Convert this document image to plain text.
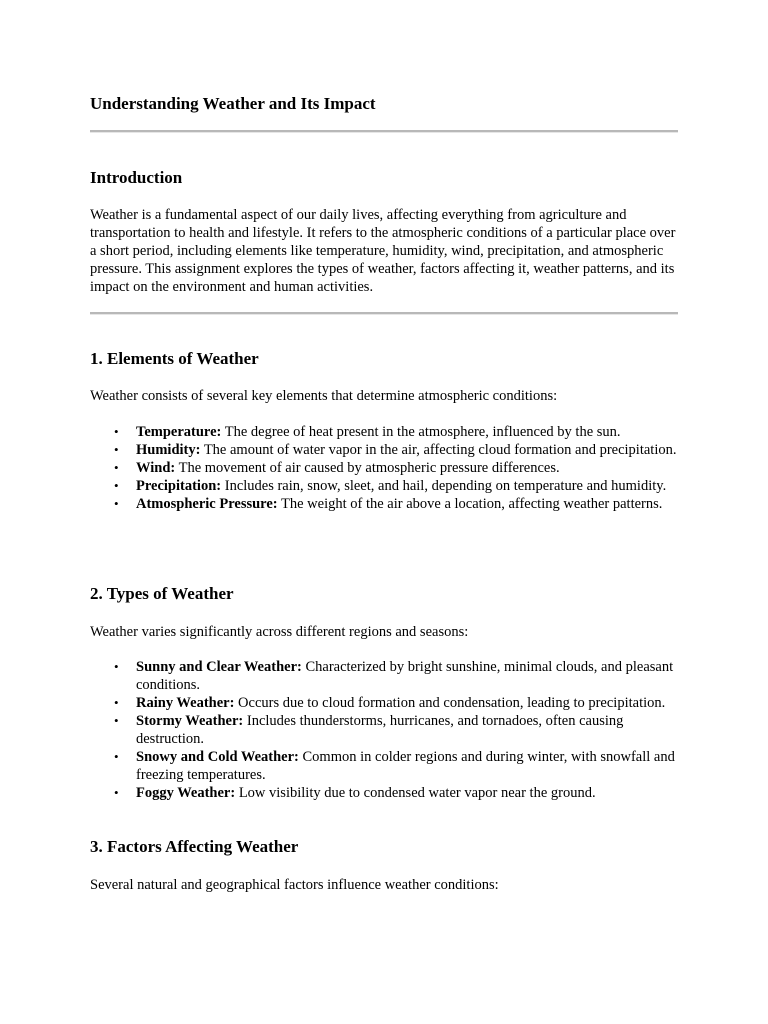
Understanding Weather and Its Impact
Introduction

Weather is a fundamental aspect of our daily lives, affecting everything from agriculture and transportation to health and lifestyle. It refers to the atmospheric conditions of a particular place over a short period, including elements like temperature, humidity, wind, precipitation, and atmospheric pressure. This assignment explores the types of weather, factors affecting it, weather patterns, and its impact on the environment and human activities.

1. Elements of Weather

Weather consists of several key elements that determine atmospheric conditions:

• Temperature: The degree of heat present in the atmosphere, influenced by the sun.
• Humidity: The amount of water vapor in the air, affecting cloud formation and precipitation.
• Wind: The movement of air caused by atmospheric pressure differences.
• Precipitation: Includes rain, snow, sleet, and hail, depending on temperature and humidity.
• Atmospheric Pressure: The weight of the air above a location, affecting weather patterns.
2. Types of Weather

Weather varies significantly across different regions and seasons:

• Sunny and Clear Weather: Characterized by bright sunshine, minimal clouds, and pleasant conditions.
• Rainy Weather: Occurs due to cloud formation and condensation, leading to precipitation.
• Stormy Weather: Includes thunderstorms, hurricanes, and tornadoes, often causing destruction.
• Snowy and Cold Weather: Common in colder regions and during winter, with snowfall and freezing temperatures.
• Foggy Weather: Low visibility due to condensed water vapor near the ground.
3. Factors Affecting Weather

Several natural and geographical factors influence weather conditions:
